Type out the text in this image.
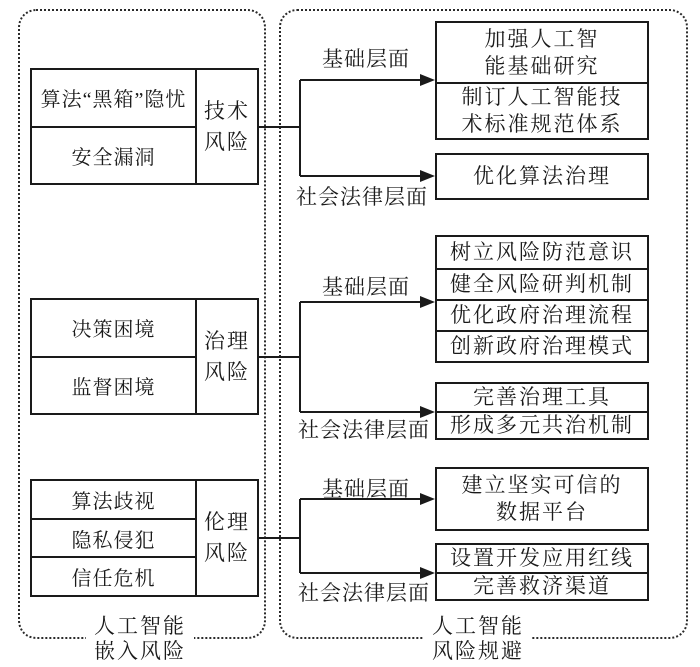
算法“黑箱”隐忧
安全漏洞
技术
风险
基础层面
社会法律层面
加强人工智
能基础研究
制订人工智能技
术标准规范体系
优化算法治理
决策困境
监督困境
治理
风险
基础层面
社会法律层面
树立风险防范意识
健全风险研判机制
优化政府治理流程
创新政府治理模式
完善治理工具
形成多元共治机制
算法歧视
隐私侵犯
信任危机
伦理
风险
基础层面
社会法律层面
建立坚实可信的
数据平台
设置开发应用红线
完善救济渠道
人工智能
嵌入风险
人工智能
风险规避
